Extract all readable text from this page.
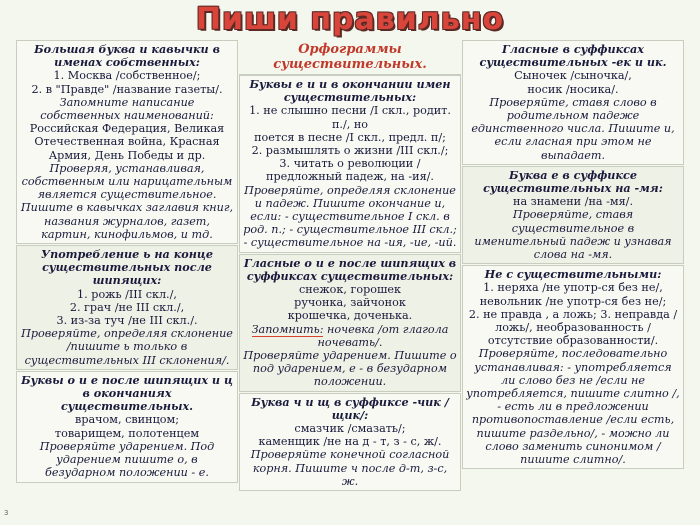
Пиши правильно
Большая буква и кавычки в именах собственных:
1. Москва /собственное/;
2. в "Правде" /название газеты/.
Запомните написание собственных наименований:
Российская Федерация, Великая Отечественная война, Красная Армия, День Победы и др.
Проверяя, устанавливая, собственным или нарицательным является существительное. Пишите в кавычках заглавия книг, названия журналов, газет, картин, кинофильмов, и тд.
Употребление ь на конце существительных после шипящих:
1. рожь /III скл./,
2. грач /не III скл./,
3. из-за туч /не III скл./.
Проверяйте, определяя склонение /пишите ь только в существительных III склонения/.
Буквы о и е после шипящих и ц в окончаниях существительных.
врачом, свинцом;
товарищем, полотенцем
Проверяйте ударением. Под ударением пишите о, в безударном положении - е.
Орфограммы существительных.
Буквы е и и в окончании имен существительных:
1. не слышно песни /I скл., родит. п./, но
поется в песне /I скл., предл. п/;
2. размышлять о жизни /III скл./;
3. читать о революции /предложный падеж, на -ия/.
Проверяйте, определяя склонение и падеж. Пишите окончание и, если: - существительное I скл. в род. п.; - существительное III скл.; - существительное на -ия, -ие, -ий.
Гласные о и е после шипящих в суффиксах существительных:
снежок, горошек
ручонка, зайчонок
крошечка, доченька.
Запомнить: ночевка /от глагола ночевать/.
Проверяйте ударением. Пишите о под ударением, е - в безударном положении.
Буква ч и щ в суффиксе -чик /щик/:
смазчик /смазать/;
каменщик /не на д - т, з - с, ж/.
Проверяйте конечной согласной корня. Пишите ч после д-т, з-с, ж.
Гласные в суффиксах существительных -ек и ик.
Сыночек /сыночка/,
носик /носика/.
Проверяйте, ставя слово в родительном падеже единственного числа. Пишите и, если гласная при этом не выпадает.
Буква е в суффиксе существительных на -мя:
на знамени /на -мя/.
Проверяйте, ставя существительное в именительный падеж и узнавая слова на -мя.
Не с существительными:
1. неряха /не употр-ся без не/,
невольник /не употр-ся без не/;
2. не правда , а ложь; 3. неправда /ложь/, необразованность /отсутствие образованности/.
Проверяйте, последовательно устанавливая: - употребляется ли слово без не /если не употребляется, пишите слитно /, - есть ли в предложении противопоставление /если есть, пишите раздельно/, - можно ли слово заменить синонимом /пишите слитно/.
3
